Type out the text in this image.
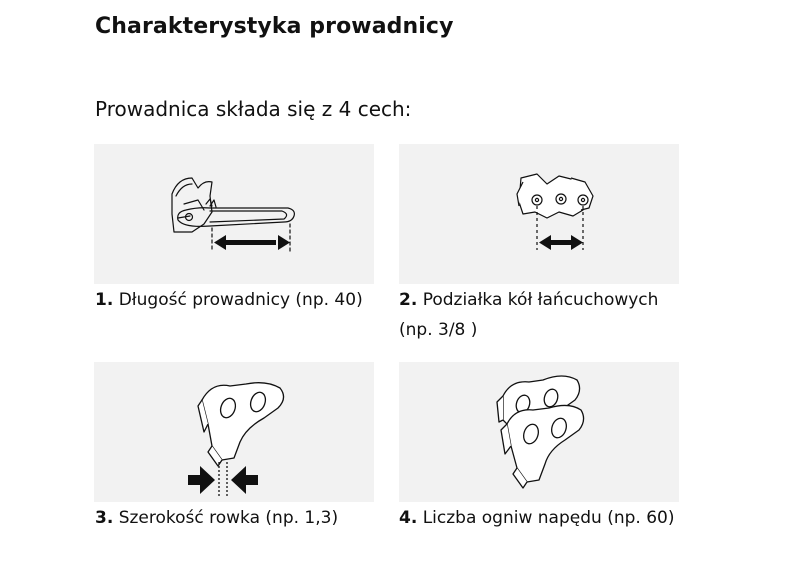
Charakterystyka prowadnicy
Prowadnica składa się z 4 cech:
1. Długość prowadnicy (np. 40)	2. Podziałka kół łańcuchowych (np. 3/8 )
3. Szerokość rowka (np. 1,3)	4. Liczba ogniw napędu (np. 60)
